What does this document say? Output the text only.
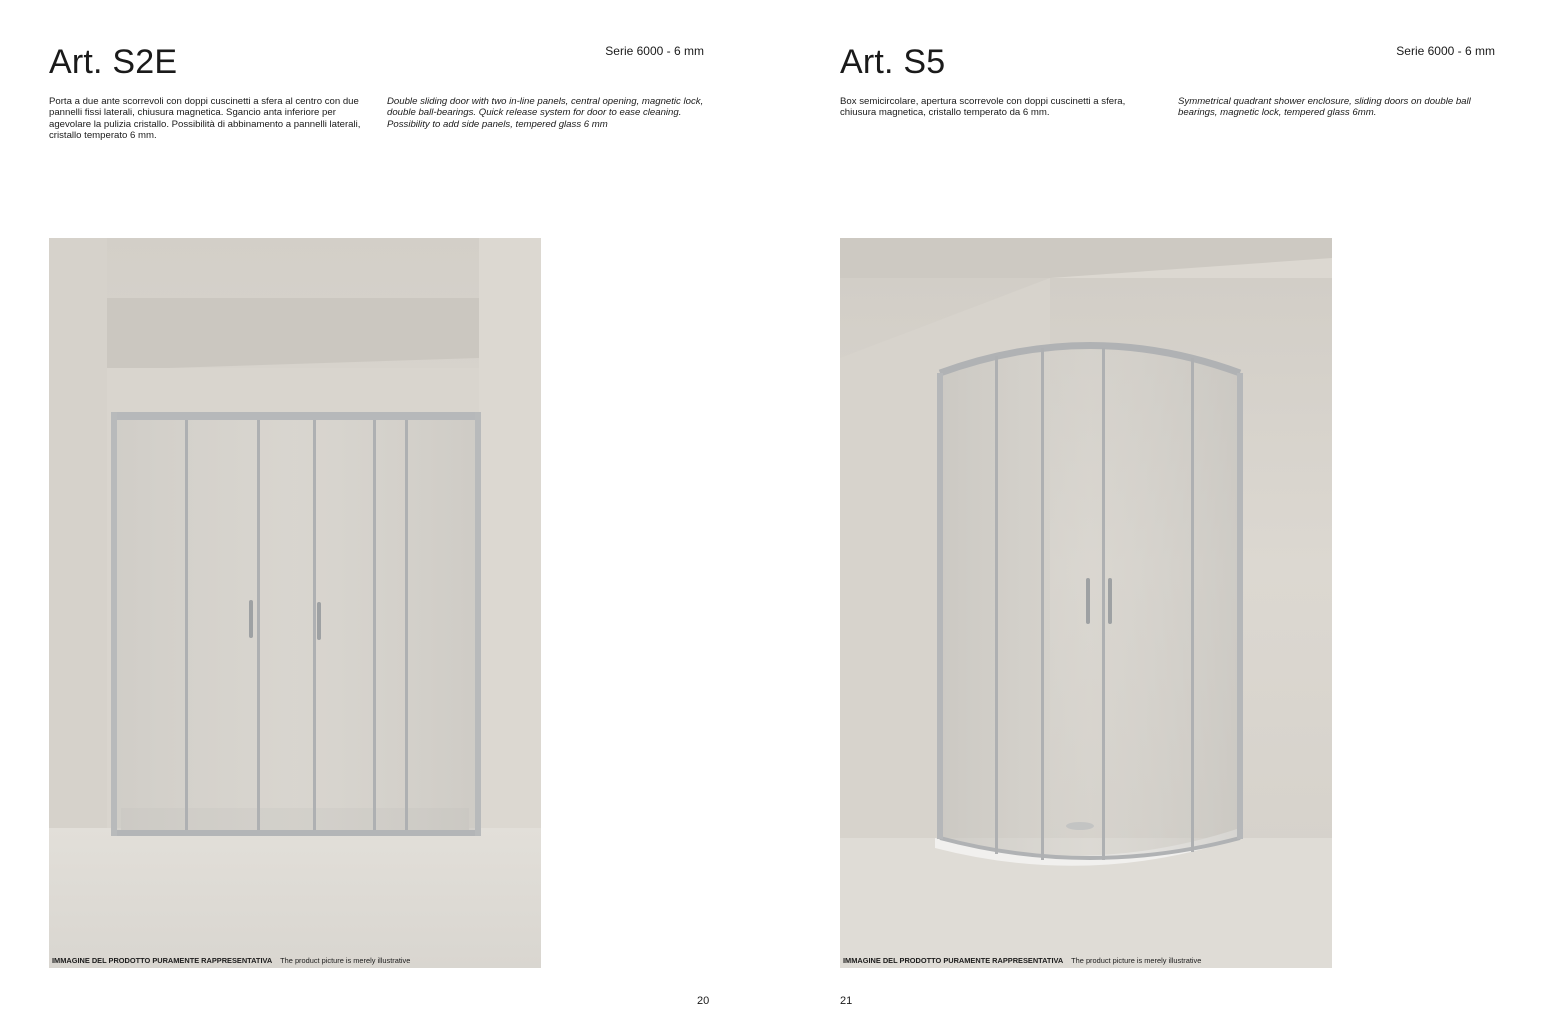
Art. S2E	Serie 6000 - 6 mm

Porta a due ante scorrevoli con doppi cuscinetti a sfera al centro con due pannelli fissi laterali, chiusura magnetica. Sgancio anta inferiore per agevolare la pulizia cristallo. Possibilità di abbinamento a pannelli laterali, cristallo temperato 6 mm.

Double sliding door with two in-line panels, central opening, magnetic lock, double ball-bearings. Quick release system for door to ease cleaning. Possibility to add side panels, tempered glass 6 mm

IMMAGINE DEL PRODOTTO PURAMENTE RAPPRESENTATIVA The product picture is merely illustrative
20
Art. S5	Serie 6000 - 6 mm

Box semicircolare, apertura scorrevole con doppi cuscinetti a sfera, chiusura magnetica, cristallo temperato da 6 mm.

Symmetrical quadrant shower enclosure, sliding doors on double ball bearings, magnetic lock, tempered glass 6mm.

IMMAGINE DEL PRODOTTO PURAMENTE RAPPRESENTATIVA The product picture is merely illustrative
21
